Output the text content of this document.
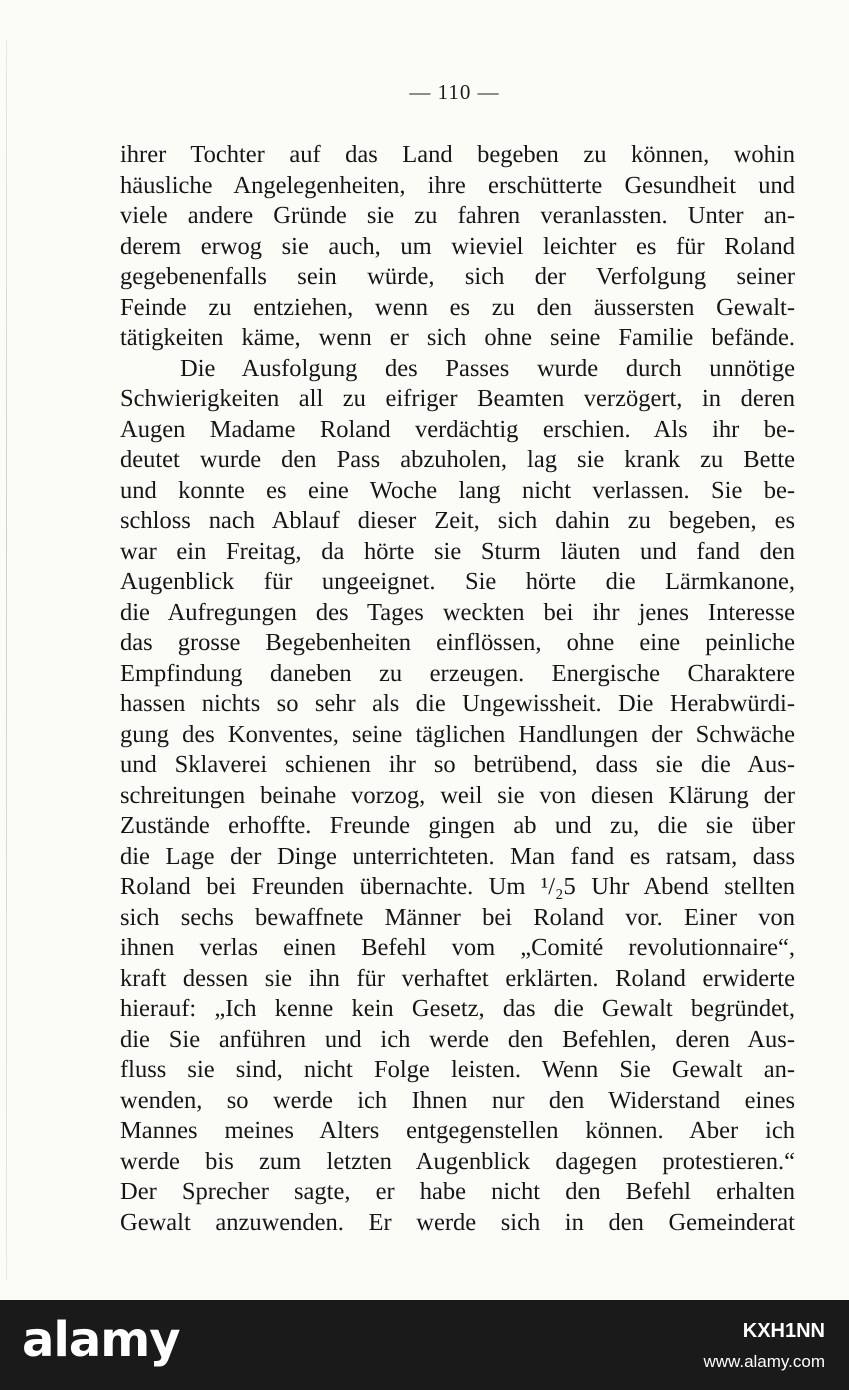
— 110 —
ihrer Tochter auf das Land begeben zu können, wohin
häusliche Angelegenheiten, ihre erschütterte Gesundheit und
viele andere Gründe sie zu fahren veranlassten. Unter an-
derem erwog sie auch, um wieviel leichter es für Roland
gegebenenfalls sein würde, sich der Verfolgung seiner
Feinde zu entziehen, wenn es zu den äussersten Gewalt-
tätigkeiten käme, wenn er sich ohne seine Familie befände.
Die Ausfolgung des Passes wurde durch unnötige
Schwierigkeiten all zu eifriger Beamten verzögert, in deren
Augen Madame Roland verdächtig erschien. Als ihr be-
deutet wurde den Pass abzuholen, lag sie krank zu Bette
und konnte es eine Woche lang nicht verlassen. Sie be-
schloss nach Ablauf dieser Zeit, sich dahin zu begeben, es
war ein Freitag, da hörte sie Sturm läuten und fand den
Augenblick für ungeeignet. Sie hörte die Lärmkanone,
die Aufregungen des Tages weckten bei ihr jenes Interesse
das grosse Begebenheiten einflössen, ohne eine peinliche
Empfindung daneben zu erzeugen. Energische Charaktere
hassen nichts so sehr als die Ungewissheit. Die Herabwürdi-
gung des Konventes, seine täglichen Handlungen der Schwäche
und Sklaverei schienen ihr so betrübend, dass sie die Aus-
schreitungen beinahe vorzog, weil sie von diesen Klärung der
Zustände erhoffte. Freunde gingen ab und zu, die sie über
die Lage der Dinge unterrichteten. Man fand es ratsam, dass
Roland bei Freunden übernachte. Um ¹/₂5 Uhr Abend stellten
sich sechs bewaffnete Männer bei Roland vor. Einer von
ihnen verlas einen Befehl vom „Comité revolutionnaire“,
kraft dessen sie ihn für verhaftet erklärten. Roland erwiderte
hierauf: „Ich kenne kein Gesetz, das die Gewalt begründet,
die Sie anführen und ich werde den Befehlen, deren Aus-
fluss sie sind, nicht Folge leisten. Wenn Sie Gewalt an-
wenden, so werde ich Ihnen nur den Widerstand eines
Mannes meines Alters entgegenstellen können. Aber ich
werde bis zum letzten Augenblick dagegen protestieren.“
Der Sprecher sagte, er habe nicht den Befehl erhalten
Gewalt anzuwenden. Er werde sich in den Gemeinderat
alamy	KXH1NN
www.alamy.com
